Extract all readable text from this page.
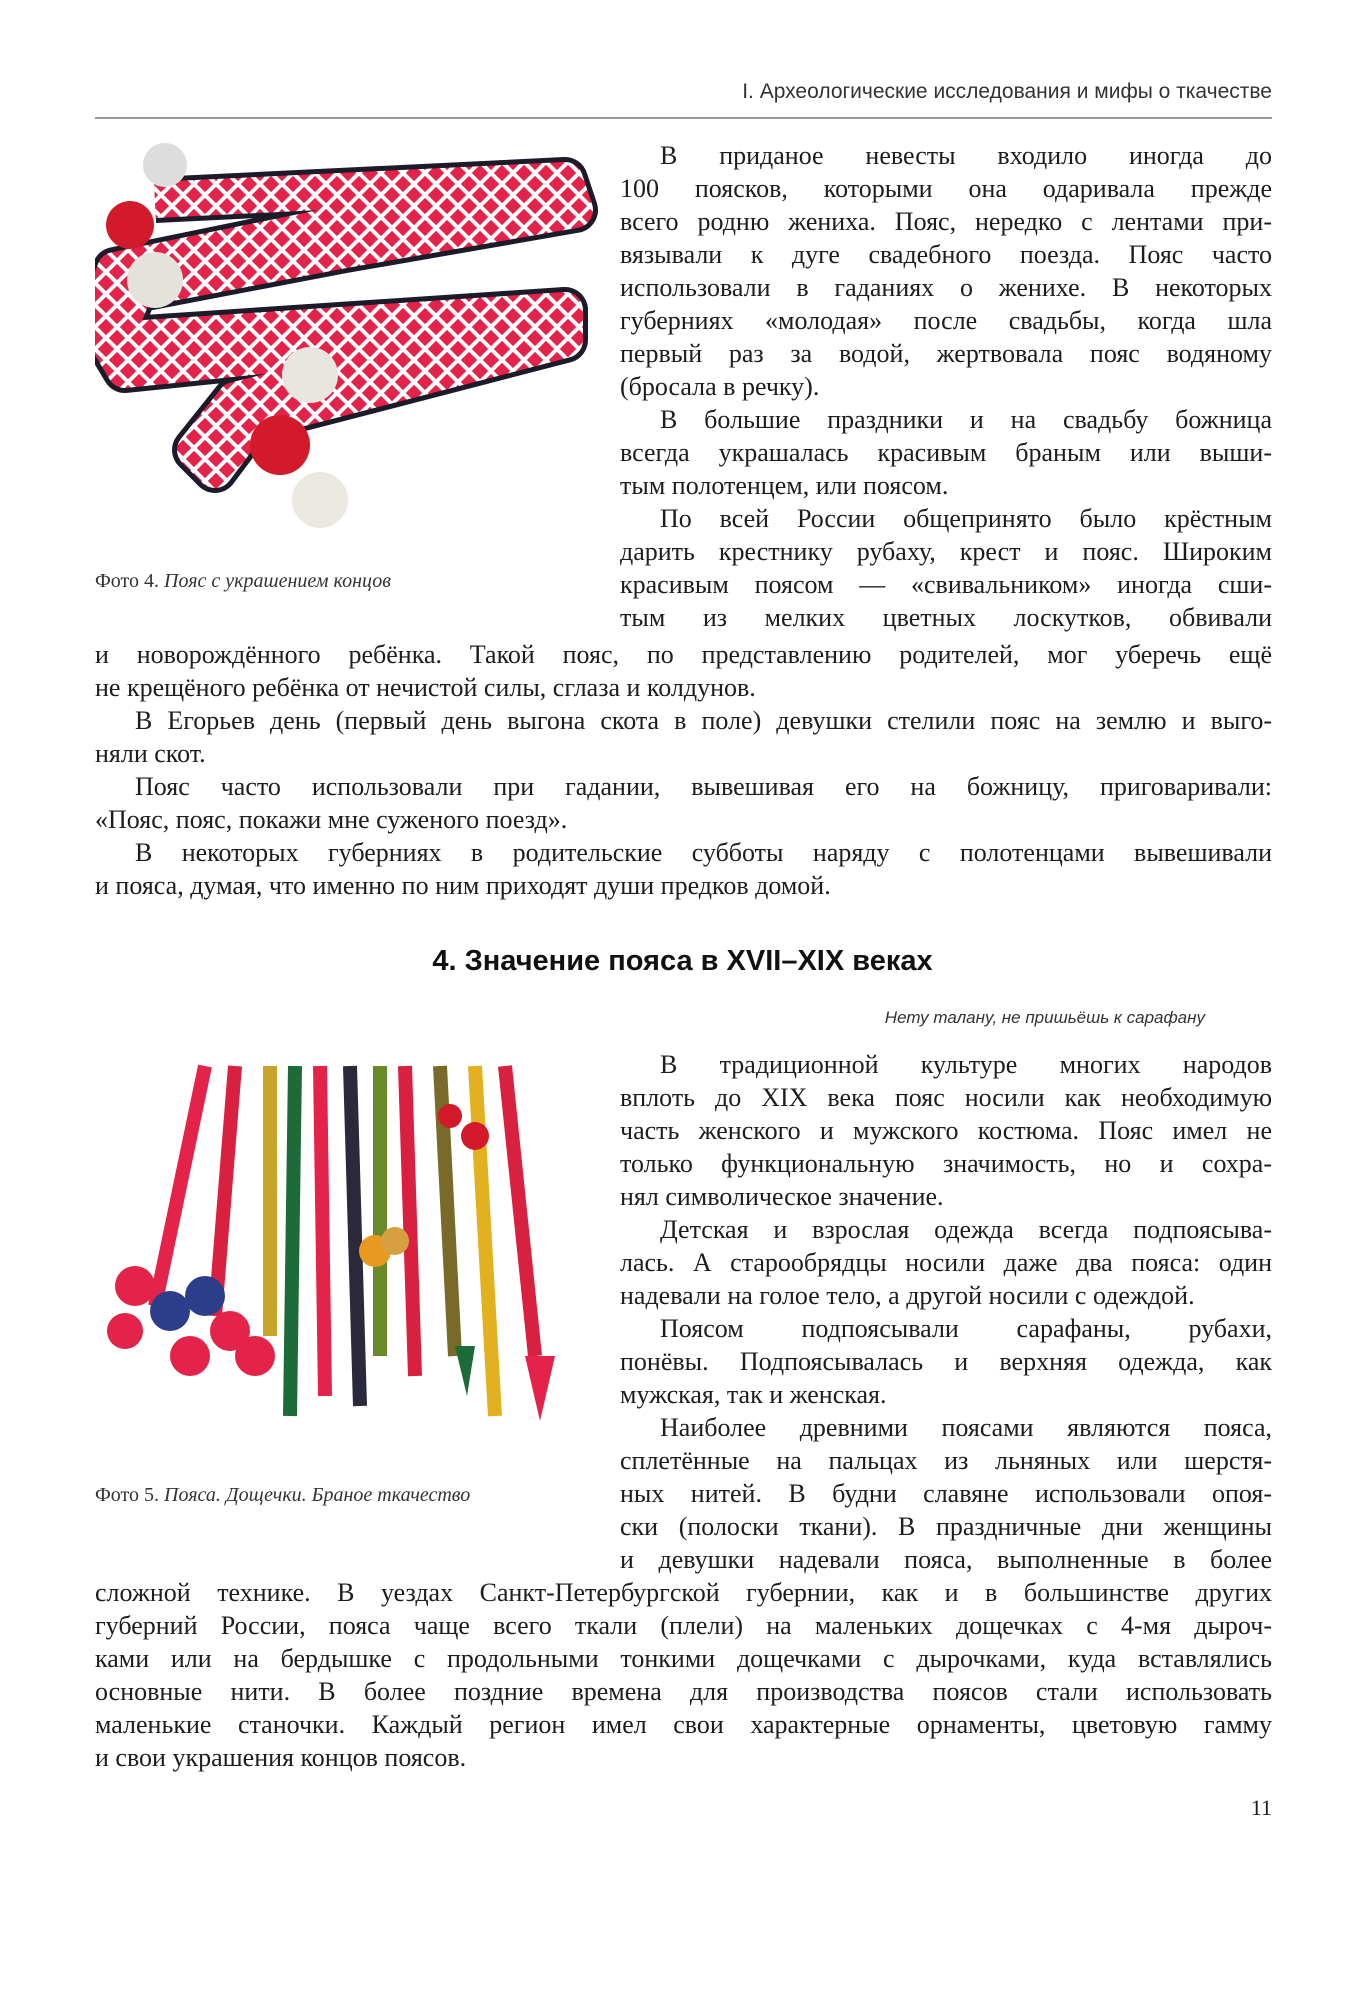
I. Археологические исследования и мифы о ткачестве
Фото 4. Пояс с украшением концов
В приданое невесты входило иногда до
100 поясков, которыми она одаривала прежде
всего родню жениха. Пояс, нередко с лентами при-
вязывали к дуге свадебного поезда. Пояс часто
использовали в гаданиях о женихе. В некоторых
губерниях «молодая» после свадьбы, когда шла
первый раз за водой, жертвовала пояс водяному
(бросала в речку).
В большие праздники и на свадьбу божница
всегда украшалась красивым браным или выши-
тым полотенцем, или поясом.
По всей России общепринято было крёстным
дарить крестнику рубаху, крест и пояс. Широким
красивым поясом — «свивальником» иногда сши-
тым из мелких цветных лоскутков, обвивали
и новорождённого ребёнка. Такой пояс, по представлению родителей, мог уберечь ещё
не крещёного ребёнка от нечистой силы, сглаза и колдунов.
В Егорьев день (первый день выгона скота в поле) девушки стелили пояс на землю и выго-
няли скот.
Пояс часто использовали при гадании, вывешивая его на божницу, приговаривали:
«Пояс, пояс, покажи мне суженого поезд».
В некоторых губерниях в родительские субботы наряду с полотенцами вывешивали
и пояса, думая, что именно по ним приходят души предков домой.
4. Значение пояса в XVII–XIX веках
Нету талану, не пришьёшь к сарафану
Фото 5. Пояса. Дощечки. Браное ткачество
В традиционной культуре многих народов
вплоть до XIX века пояс носили как необходимую
часть женского и мужского костюма. Пояс имел не
только функциональную значимость, но и сохра-
нял символическое значение.
Детская и взрослая одежда всегда подпоясыва-
лась. А старообрядцы носили даже два пояса: один
надевали на голое тело, а другой носили с одеждой.
Поясом подпоясывали сарафаны, рубахи,
понёвы. Подпоясывалась и верхняя одежда, как
мужская, так и женская.
Наиболее древними поясами являются пояса,
сплетённые на пальцах из льняных или шерстя-
ных нитей. В будни славяне использовали опоя-
ски (полоски ткани). В праздничные дни женщины
и девушки надевали пояса, выполненные в более
сложной технике. В уездах Санкт-Петербургской губернии, как и в большинстве других
губерний России, пояса чаще всего ткали (плели) на маленьких дощечках с 4-мя дыроч-
ками или на бердышке с продольными тонкими дощечками с дырочками, куда вставлялись
основные нити. В более поздние времена для производства поясов стали использовать
маленькие станочки. Каждый регион имел свои характерные орнаменты, цветовую гамму
и свои украшения концов поясов.
11
